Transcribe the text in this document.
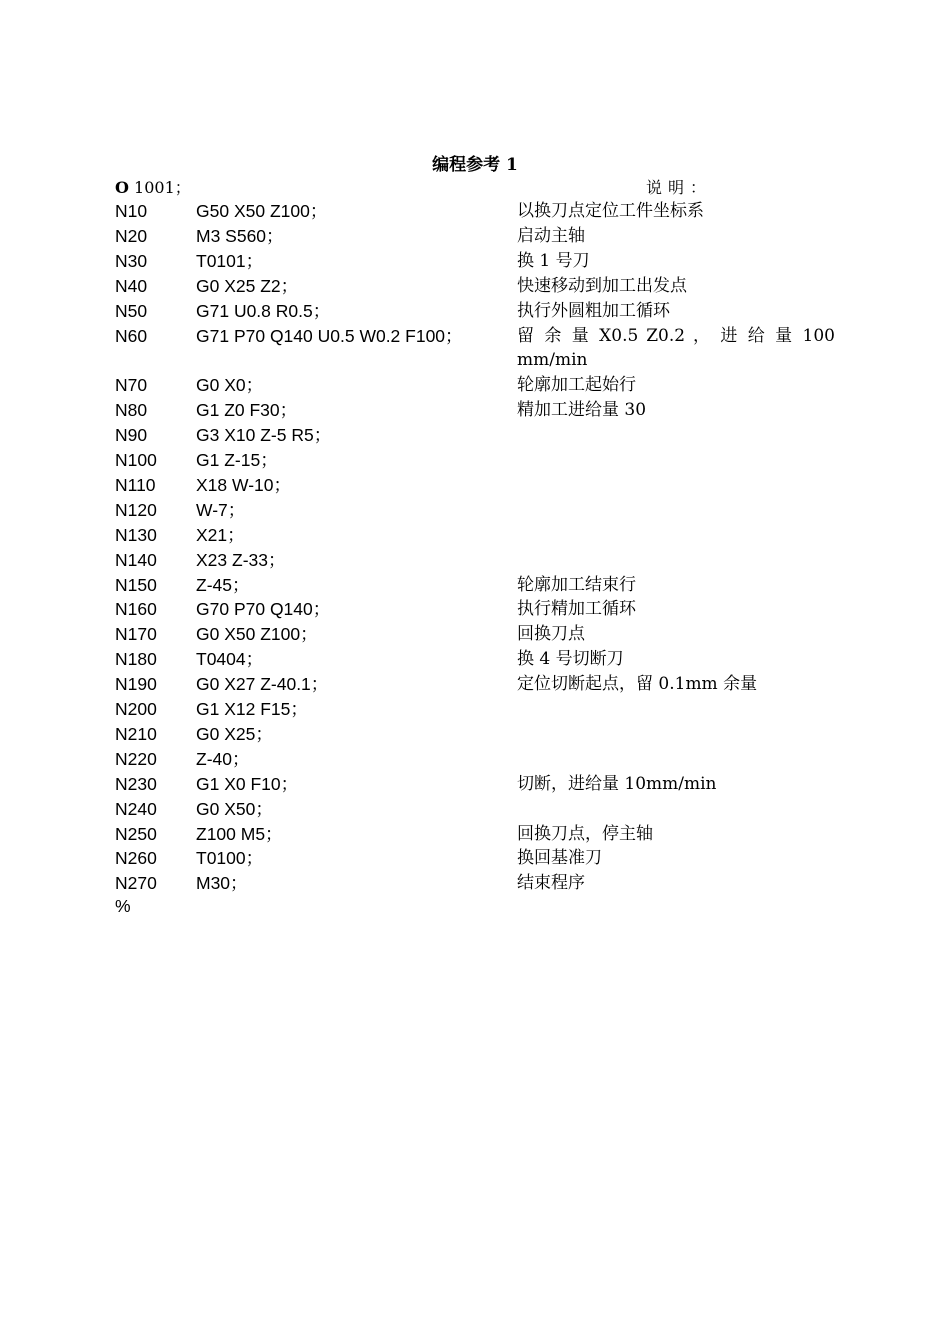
编程参考 1
O 1001；	说明：
N10	G50 X50 Z100；	以换刀点定位工件坐标系
N20	M3 S560；	启动主轴
N30	T0101；	换 1 号刀
N40	G0 X25 Z2；	快速移动到加工出发点
N50	G71 U0.8 R0.5；	执行外圆粗加工循环
N60	G71 P70 Q140 U0.5 W0.2 F100；	留 余 量 X0.5 Z0.2 ， 进 给 量 100 mm/min
N70	G0 X0；	轮廓加工起始行
N80	G1 Z0 F30；	精加工进给量 30
N90	G3 X10 Z-5 R5；
N100 G1 Z-15；
N110 X18 W-10；
N120 W-7；
N130 X21；
N140 X23 Z-33；
N150 Z-45；	轮廓加工结束行
N160 G70 P70 Q140；	执行精加工循环
N170 G0 X50 Z100；	回换刀点
N180 T0404；	换 4 号切断刀
N190 G0 X27 Z-40.1；	定位切断起点，留 0.1mm 余量
N200 G1 X12 F15；
N210 G0 X25；
N220 Z-40；
N230 G1 X0 F10；	切断，进给量 10mm/min
N240 G0 X50；
N250 Z100 M5；	回换刀点，停主轴
N260 T0100；	换回基准刀
N270 M30；	结束程序
%
